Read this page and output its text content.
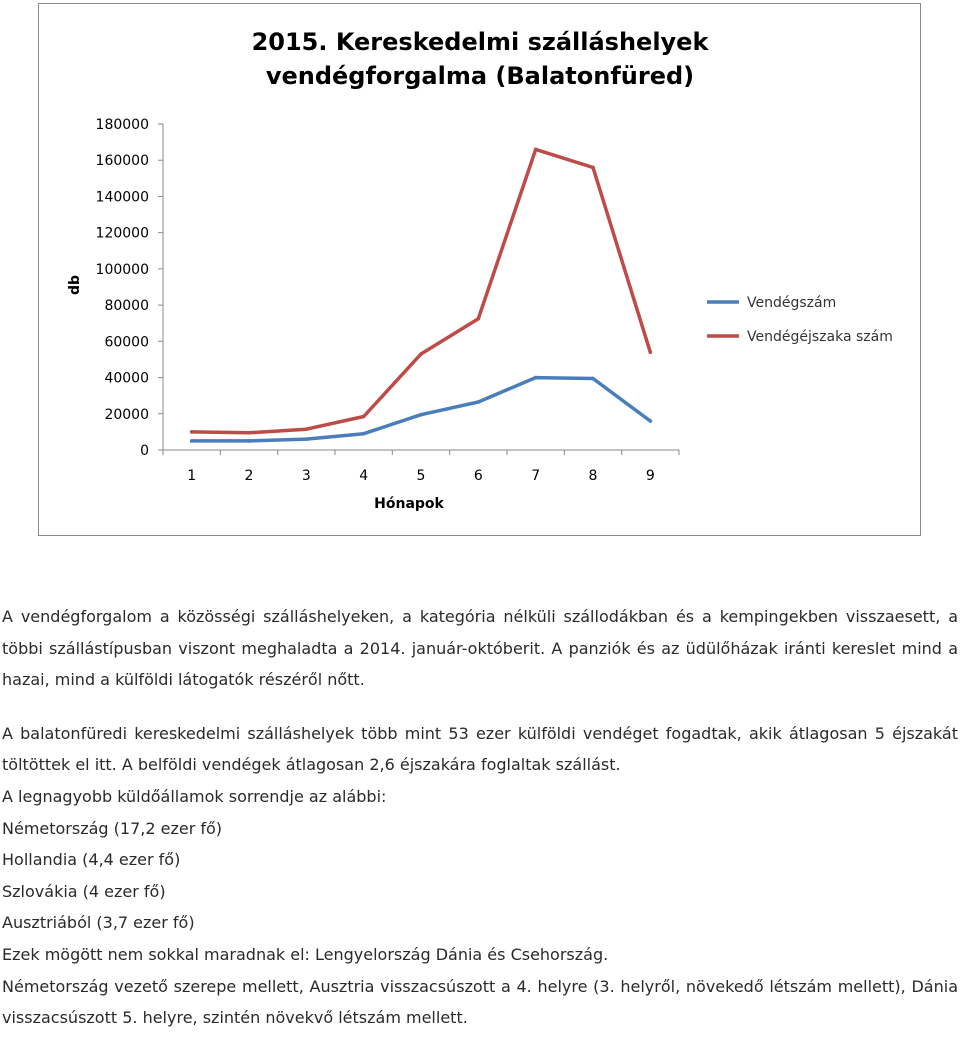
2015. Kereskedelmi szálláshelyek vendégforgalma (Balatonfüred)
0
20000
40000
60000
80000
100000
120000
140000
160000
180000
1	2	3	4	5	6	7	8	9
Hónapok
db
Vendégszám
Vendégéjszaka szám

A vendégforgalom a közösségi szálláshelyeken, a kategória nélküli szállodákban és a kempingekben visszaesett, a többi szállástípusban viszont meghaladta a 2014. január-októberit. A panziók és az üdülőházak iránti kereslet mind a hazai, mind a külföldi látogatók részéről nőtt.

A balatonfüredi kereskedelmi szálláshelyek több mint 53 ezer külföldi vendéget fogadtak, akik átlagosan 5 éjszakát töltöttek el itt. A belföldi vendégek átlagosan 2,6 éjszakára foglaltak szállást.

A legnagyobb küldőállamok sorrendje az alábbi:
Németország (17,2 ezer fő)
Hollandia (4,4 ezer fő)
Szlovákia (4 ezer fő)
Ausztriából (3,7 ezer fő)
Ezek mögött nem sokkal maradnak el: Lengyelország Dánia és Csehország.

Németország vezető szerepe mellett, Ausztria visszacsúszott a 4. helyre (3. helyről, növekedő létszám mellett), Dánia visszacsúszott 5. helyre, szintén növekvő létszám mellett.
